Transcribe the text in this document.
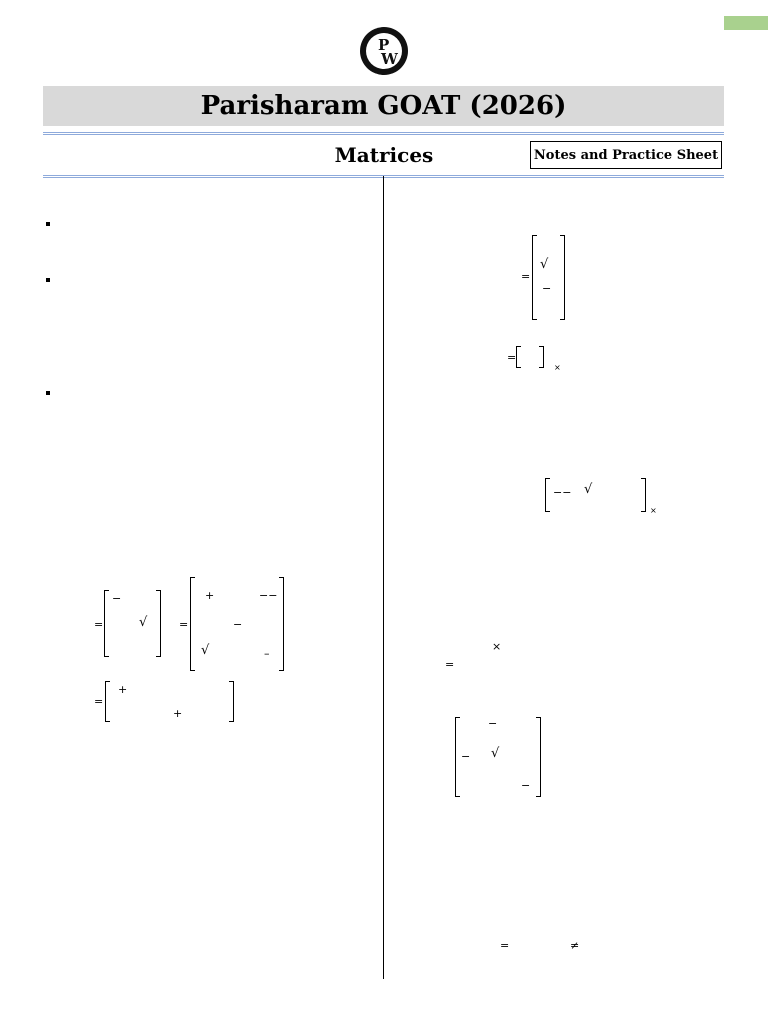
P
W
Parisharam GOAT (2026)
Matrices	Notes and Practice Sheet
=
−
√	=
+	−−
−
√	–
=
+
+
=
√
−
=
×
−− √
×
×
=
−
− √
−
=	≠
